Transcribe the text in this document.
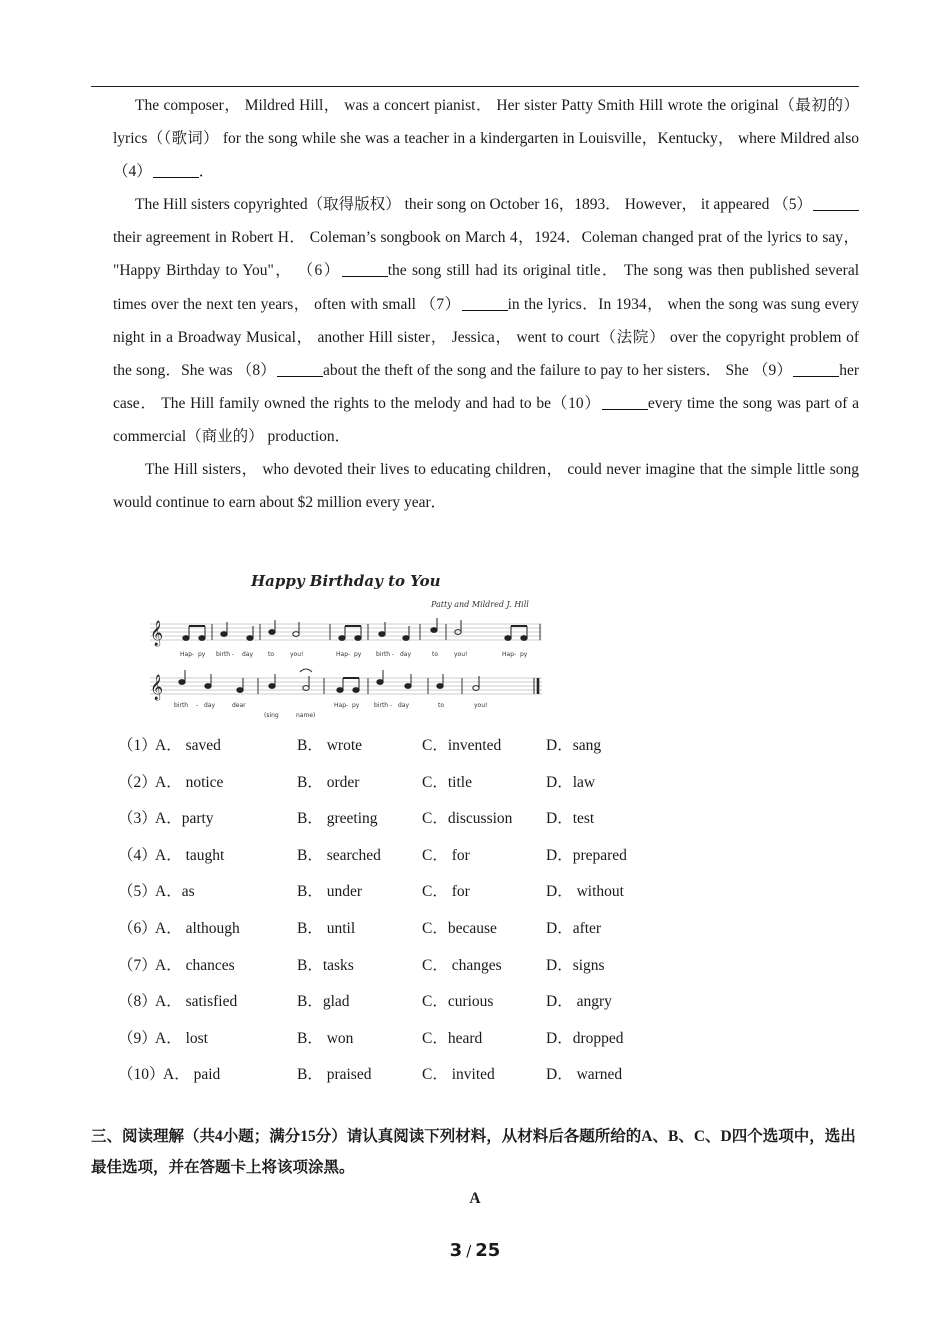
The composer， Mildred Hill， was a concert pianist． Her sister Patty Smith Hill wrote the original（最初的） lyrics（（歌词） for the song while she was a teacher in a kindergarten in Louisville，Kentucky， where Mildred also（4）	．

The Hill sisters copyrighted（取得版权） their song on October 16，1893． However， it appeared （5） their agreement in Robert H． Coleman’s songbook on March 4，1924．Coleman changed prat of the lyrics to say， "Happy Birthday to You"， （6）	the song still had its original title． The song was then published several times over the next ten years， often with small （7）	in the lyrics．In 1934， when the song was sung every night in a Broadway Musical， another Hill sister， Jessica， went to court（法院） over the copyright problem of the song．She was （8）	about the theft of the song and the failure to pay to her sisters． She （9）	her case． The Hill family owned the rights to the melody and had to be（10）	every time the song was part of a commercial（商业的） production．

The Hill sisters， who devoted their lives to educating children， could never imagine that the simple little song would continue to earn about $2 million every year．

Happy Birthday to You
Patty and Mildred J. Hill
𝄞
𝄞
Hap - py birth - day to	you!	Hap - py birth - day	to	you!	Hap - py
birth - day	dear
(sing	name)
Hap - py birth - day	to	you!
（1）
A． saved	B． wrote	C．invented	D．sang
（2）
A． notice	B． order	C．title	D．law
（3）
A．party	B． greeting	C．discussion D．test
（4）
A． taught	B． searched	C． for	D．prepared
（5）
A．as	B． under	C． for	D． without
（6）
A． although	B． until	C．because	D．after
（7）
A． chances	B．tasks	C． changes	D．signs
（8）
A． satisfied	B．glad	C．curious	D． angry
（9）
A． lost	B． won	C．heard	D．dropped
（10）
A． paid	B． praised	C． invited	D． warned
三、阅读理解（共4小题；满分15分）请认真阅读下列材料，从材料后各题所给的A、B、C、D四个选项中，选出最佳选项，并在答题卡上将该项涂黑。
A
3 / 25
